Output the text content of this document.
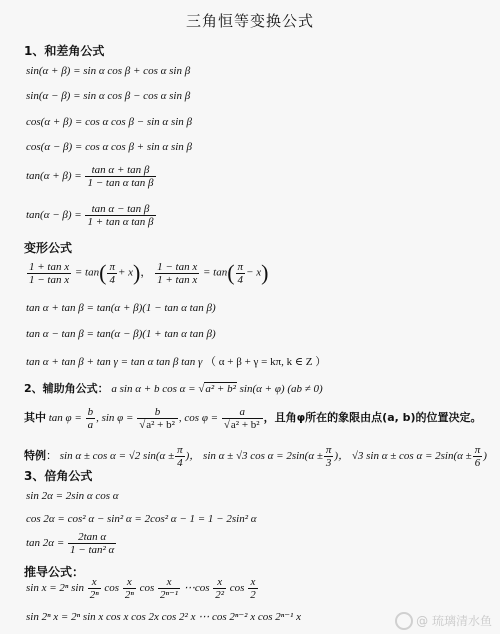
三角恒等变换公式
1、和差角公式
sin(α + β) = sin α cos β + cos α sin β
sin(α − β) = sin α cos β − cos α sin β
cos(α + β) = cos α cos β − sin α sin β
cos(α − β) = cos α cos β + sin α sin β
$\tan(\alpha + \beta) = \frac{\text{tan α + tan β}}{\text{1 − tan α tan β}}$
$\tan(\alpha - \beta) = \frac{\text{tan α − tan β}}{\text{1 + tan α tan β}}$
变形公式
$\frac{\text{1 + tan x}}{\text{1 − tan x}} = \tan( \frac{\pi}{4} + x)$， $\frac{\text{1 − tan x}}{\text{1 + tan x}} = \tan( \frac{\pi}{4} - x)$
tan α + tan β = tan(α + β)(1 − tan α tan β)
tan α − tan β = tan(α − β)(1 + tan α tan β)
tan α + tan β + tan γ = tan α tan β tan γ （ α + β + γ = kπ, k ∈ Z ）
2、辅助角公式： a sin α + b cos α = √a² + b² sin(α + φ) (ab ≠ 0)
其中 $\tan \varphi = \frac{b}{a}$ , $\sin \varphi = \frac{b}{\text{√a² + b²}}$ , $\cos \varphi = \frac{a}{\text{√a² + b²}}$ ，且角φ所在的象限由点(a, b)的位置决定。
特例： sin α ± cos α = √2 $\sin(\alpha \pm \frac{\pi}{4}$ )， sin α ± √3 $\cos \alpha = 2\sin(\alpha \pm \frac{\pi}{3}$ )， √3 $\sin \alpha \pm \cos \alpha = 2\sin(\alpha \pm \frac{\pi}{6}$ )
3、倍角公式
sin 2α = 2sin α cos α
cos 2α = cos² α − sin² α = 2cos² α − 1 = 1 − 2sin² α
$\tan 2\alpha = \frac{\text{2tan α}}{\text{1 − tan² α}}$
推导公式：
sin x = 2ⁿ $\sin \frac{x}{\text{2ⁿ}}$ $\cos \frac{x}{\text{2ⁿ}}$ $\cos \frac{x}{\text{2ⁿ⁻¹}}$ ⋯cos $\frac{x}{\text{2²}}$ $\cos \frac{x}{2}$
sin 2ⁿ x = 2ⁿ sin x cos x cos 2x cos 2² x ⋯ cos 2ⁿ⁻² x cos 2ⁿ⁻¹ x	@ 琉璃清水鱼
